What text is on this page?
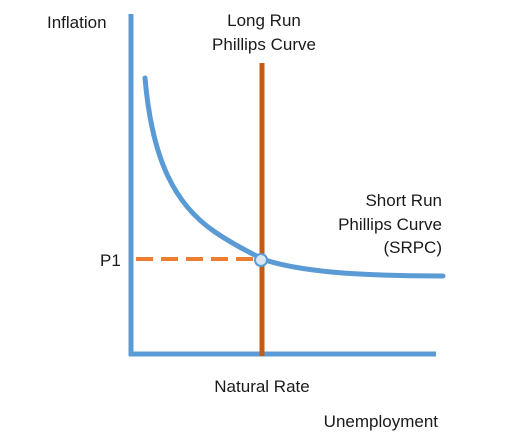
Inflation	Long Run
Phillips Curve
Short Run
Phillips Curve
(SRPC)
P1
Natural Rate
Unemployment
